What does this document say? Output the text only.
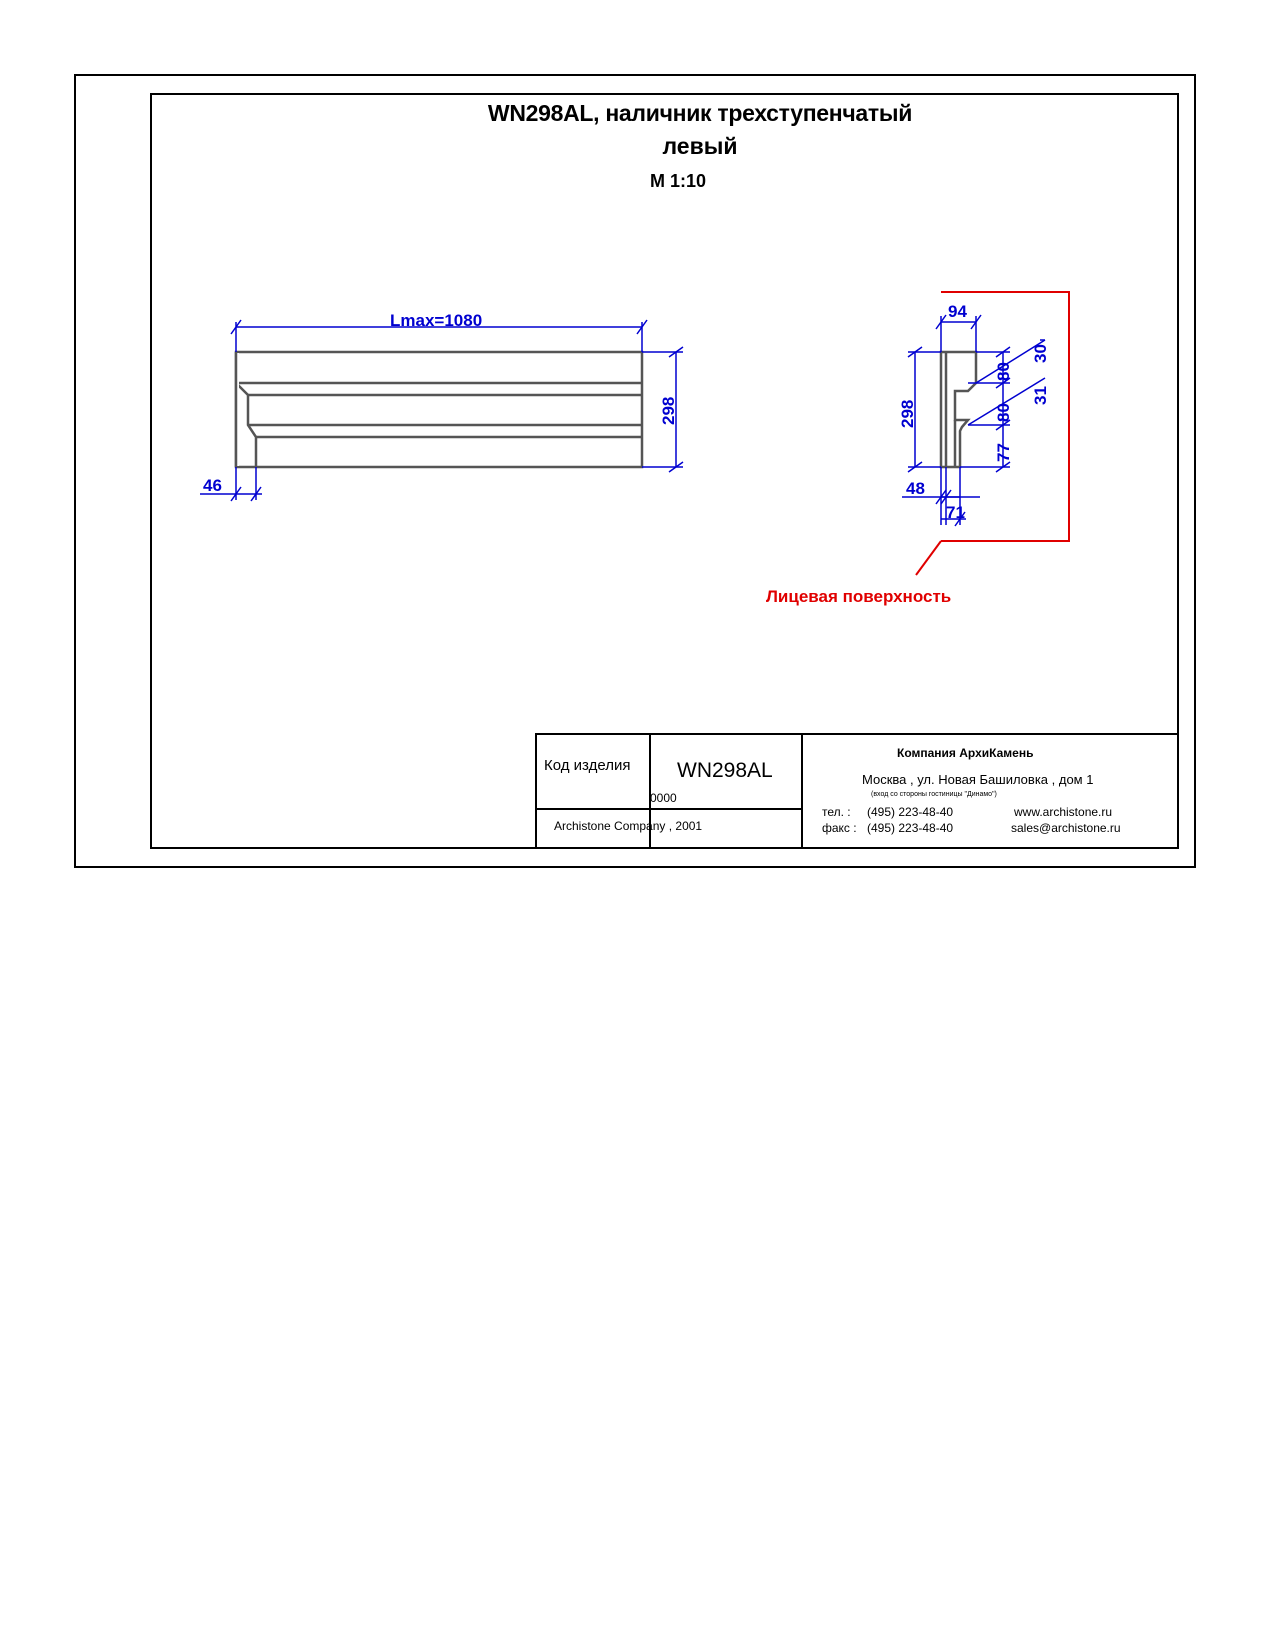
WN298AL, наличник трехступенчатый
левый
М 1:10
Lmax=1080
298
46
94
298
80
80
77
30
31
48
71
Лицевая поверхность
Код изделия WN298AL
0000
Archistone Company , 2001
Компания АрхиКамень
Москва , ул. Новая Башиловка , дом 1
(вход со стороны гостиницы "Динамо")
тел. : (495) 223-48-40
факс : (495) 223-48-40
www.archistone.ru
sales@archistone.ru
